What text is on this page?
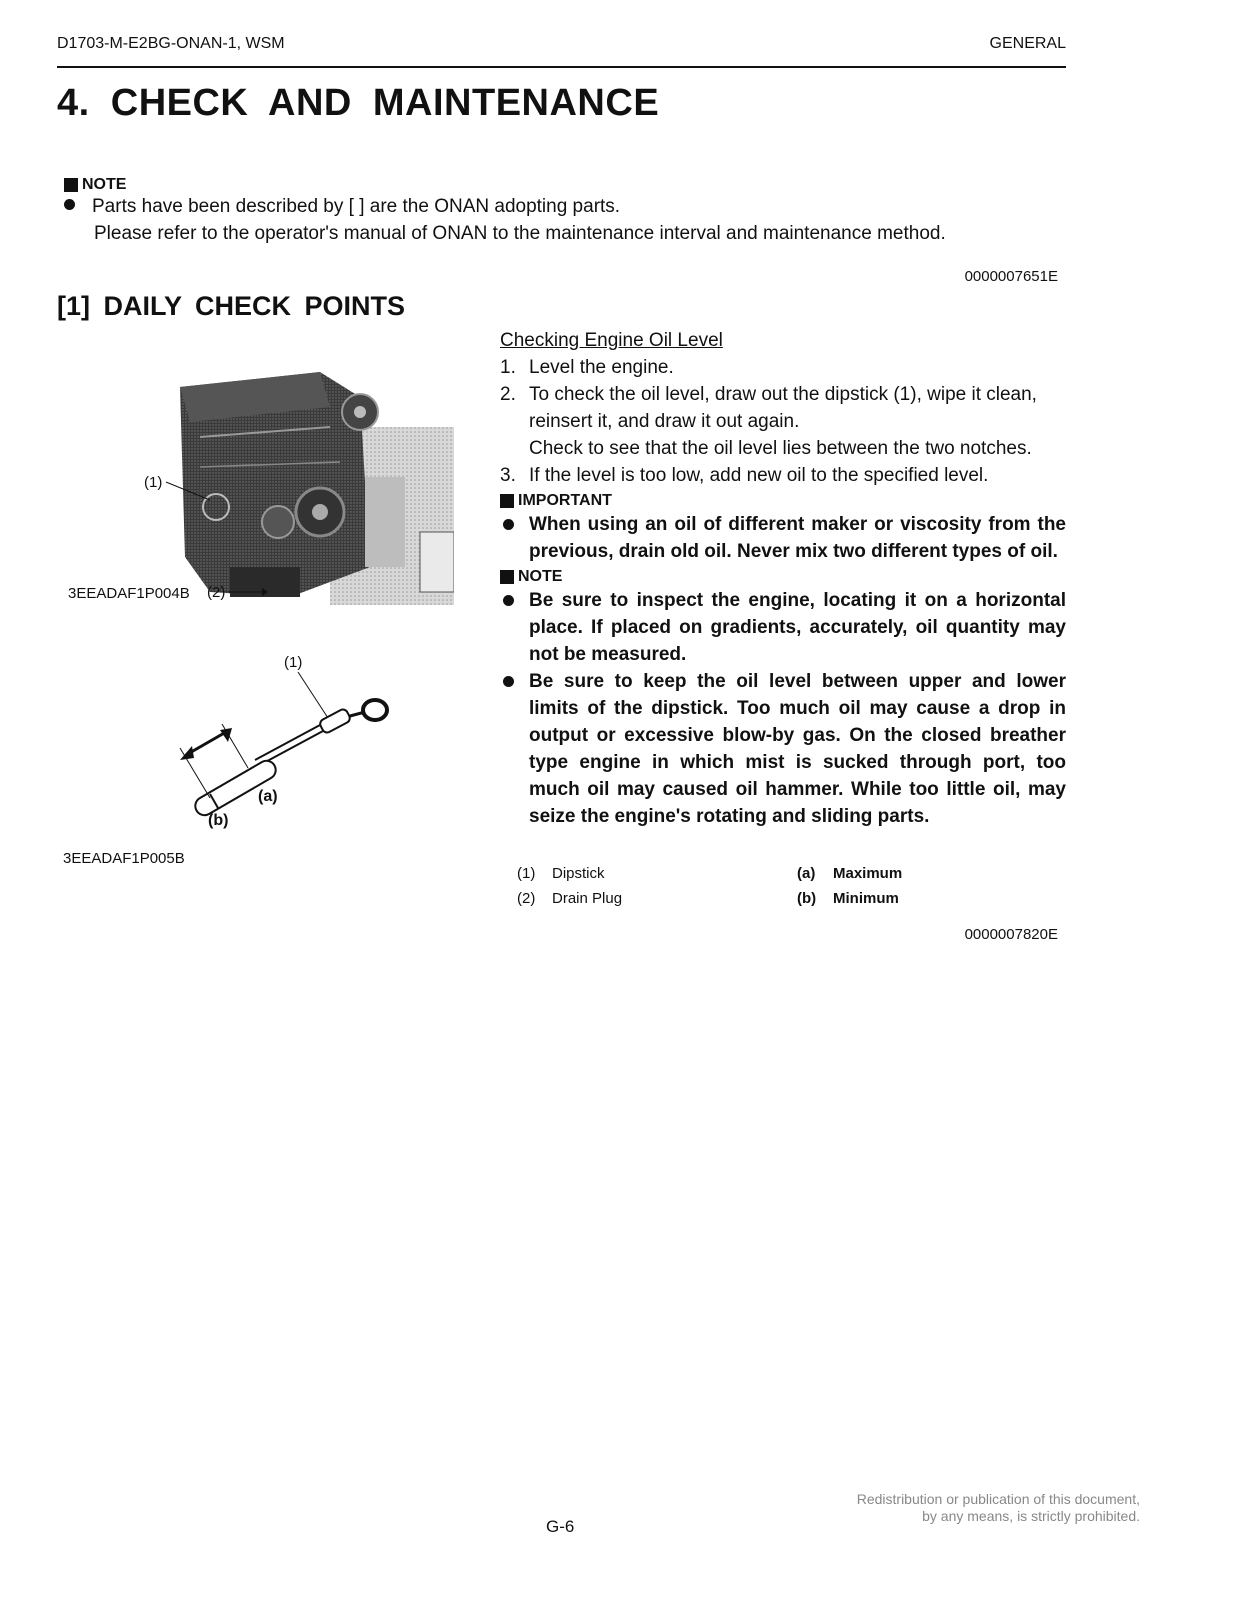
D1703-M-E2BG-ONAN-1, WSM	GENERAL
4. CHECK AND MAINTENANCE
NOTE
Parts have been described by [ ] are the ONAN adopting parts.
Please refer to the operator's manual of ONAN to the maintenance interval and maintenance method.
0000007651E
[1] DAILY CHECK POINTS
(1)
(2)
3EEADAF1P004B
(1)
(a)
(b)
3EEADAF1P005B
Checking Engine Oil Level
1. Level the engine.
2. To check the oil level, draw out the dipstick (1), wipe it clean, reinsert it, and draw it out again.
Check to see that the oil level lies between the two notches.
3. If the level is too low, add new oil to the specified level.
IMPORTANT
When using an oil of different maker or viscosity from the previous, drain old oil. Never mix two different types of oil.
NOTE
Be sure to inspect the engine, locating it on a horizontal place. If placed on gradients, accurately, oil quantity may not be measured.
Be sure to keep the oil level between upper and lower limits of the dipstick. Too much oil may cause a drop in output or excessive blow-by gas. On the closed breather type engine in which mist is sucked through port, too much oil may caused oil hammer. While too little oil, may seize the engine's rotating and sliding parts.
(1)	Dipstick	(a)	Maximum
(2)	Drain Plug	(b)	Minimum
0000007820E
Redistribution or publication of this document,
by any means, is strictly prohibited.
G-6
